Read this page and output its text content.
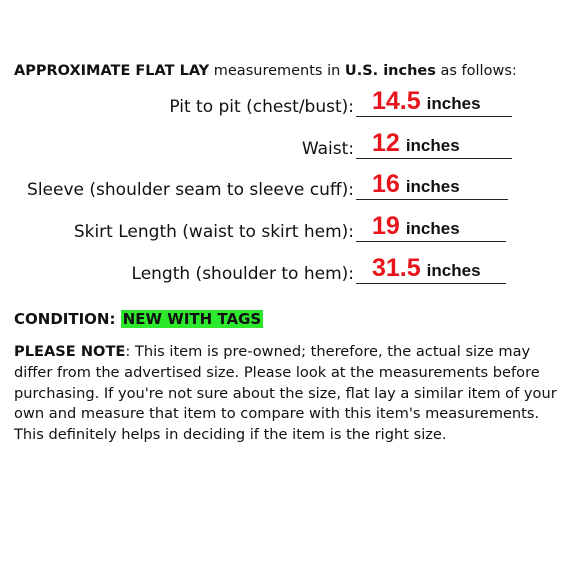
APPROXIMATE FLAT LAY measurements in U.S. inches as follows:
Pit to pit (chest/bust): 14.5 inches
Waist: 12 inches
Sleeve (shoulder seam to sleeve cuff): 16 inches
Skirt Length (waist to skirt hem): 19 inches
Length (shoulder to hem): 31.5 inches
CONDITION: NEW WITH TAGS
PLEASE NOTE: This item is pre-owned; therefore, the actual size may differ from the advertised size. Please look at the measurements before purchasing. If you're not sure about the size, flat lay a similar item of your own and measure that item to compare with this item's measurements. This definitely helps in deciding if the item is the right size.
